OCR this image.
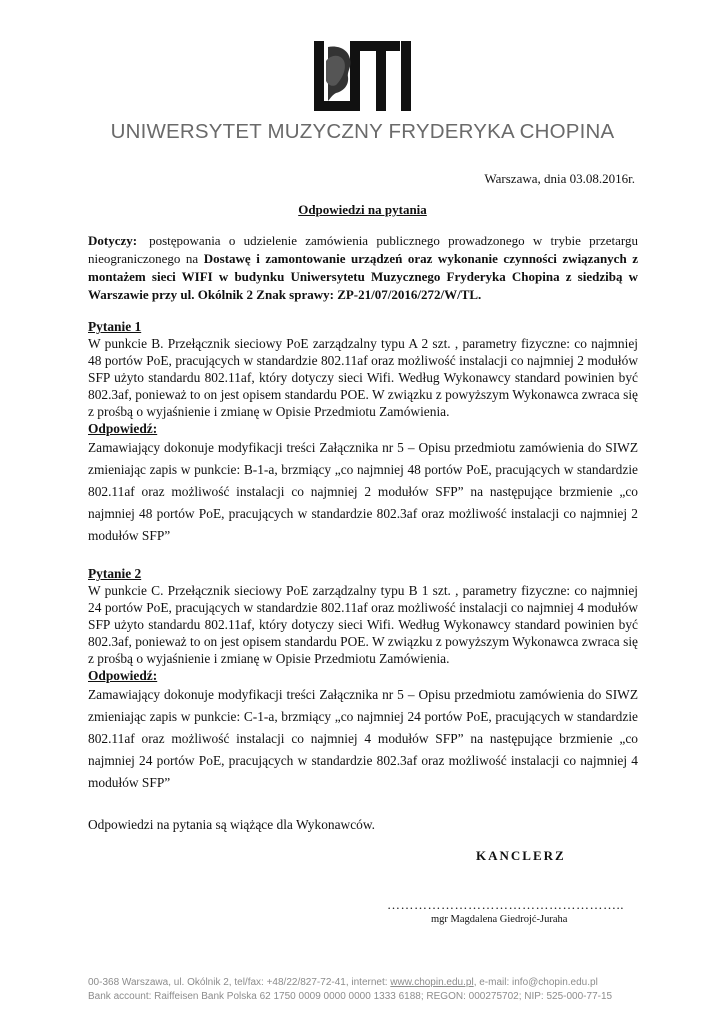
UNIWERSYTET MUZYCZNY FRYDERYKA CHOPINA
Warszawa, dnia 03.08.2016r.
Odpowiedzi na pytania
Dotyczy: postępowania o udzielenie zamówienia publicznego prowadzonego w trybie przetargu nieograniczonego na Dostawę i zamontowanie urządzeń oraz wykonanie czynności związanych z montażem sieci WIFI w budynku Uniwersytetu Muzycznego Fryderyka Chopina z siedzibą w Warszawie przy ul. Okólnik 2 Znak sprawy: ZP-21/07/2016/272/W/TL.
Pytanie 1
W punkcie B. Przełącznik sieciowy PoE zarządzalny typu A 2 szt. , parametry fizyczne: co najmniej 48 portów PoE, pracujących w standardzie 802.11af oraz możliwość instalacji co najmniej 2 modułów SFP użyto standardu 802.11af, który dotyczy sieci Wifi. Według Wykonawcy standard powinien być 802.3af, ponieważ to on jest opisem standardu POE. W związku z powyższym Wykonawca zwraca się z prośbą o wyjaśnienie i zmianę w Opisie Przedmiotu Zamówienia.
Odpowiedź:
Zamawiający dokonuje modyfikacji treści Załącznika nr 5 – Opisu przedmiotu zamówienia do SIWZ zmieniając zapis w punkcie: B-1-a, brzmiący „co najmniej 48 portów PoE, pracujących w standardzie 802.11af oraz możliwość instalacji co najmniej 2 modułów SFP” na następujące brzmienie „co najmniej 48 portów PoE, pracujących w standardzie 802.3af oraz możliwość instalacji co najmniej 2 modułów SFP”
Pytanie 2
W punkcie C. Przełącznik sieciowy PoE zarządzalny typu B 1 szt. , parametry fizyczne: co najmniej 24 portów PoE, pracujących w standardzie 802.11af oraz możliwość instalacji co najmniej 4 modułów SFP użyto standardu 802.11af, który dotyczy sieci Wifi. Według Wykonawcy standard powinien być 802.3af, ponieważ to on jest opisem standardu POE. W związku z powyższym Wykonawca zwraca się z prośbą o wyjaśnienie i zmianę w Opisie Przedmiotu Zamówienia.
Odpowiedź:
Zamawiający dokonuje modyfikacji treści Załącznika nr 5 – Opisu przedmiotu zamówienia do SIWZ zmieniając zapis w punkcie: C-1-a, brzmiący „co najmniej 24 portów PoE, pracujących w standardzie 802.11af oraz możliwość instalacji co najmniej 4 modułów SFP” na następujące brzmienie „co najmniej 24 portów PoE, pracujących w standardzie 802.3af oraz możliwość instalacji co najmniej 4 modułów SFP”
Odpowiedzi na pytania są wiążące dla Wykonawców.
KANCLERZ
……………………………………………..
mgr Magdalena Giedrojć-Juraha
00-368 Warszawa, ul. Okólnik 2, tel/fax: +48/22/827-72-41, internet: www.chopin.edu.pl, e-mail: info@chopin.edu.pl
Bank account: Raiffeisen Bank Polska 62 1750 0009 0000 0000 1333 6188; REGON: 000275702; NIP: 525-000-77-15
